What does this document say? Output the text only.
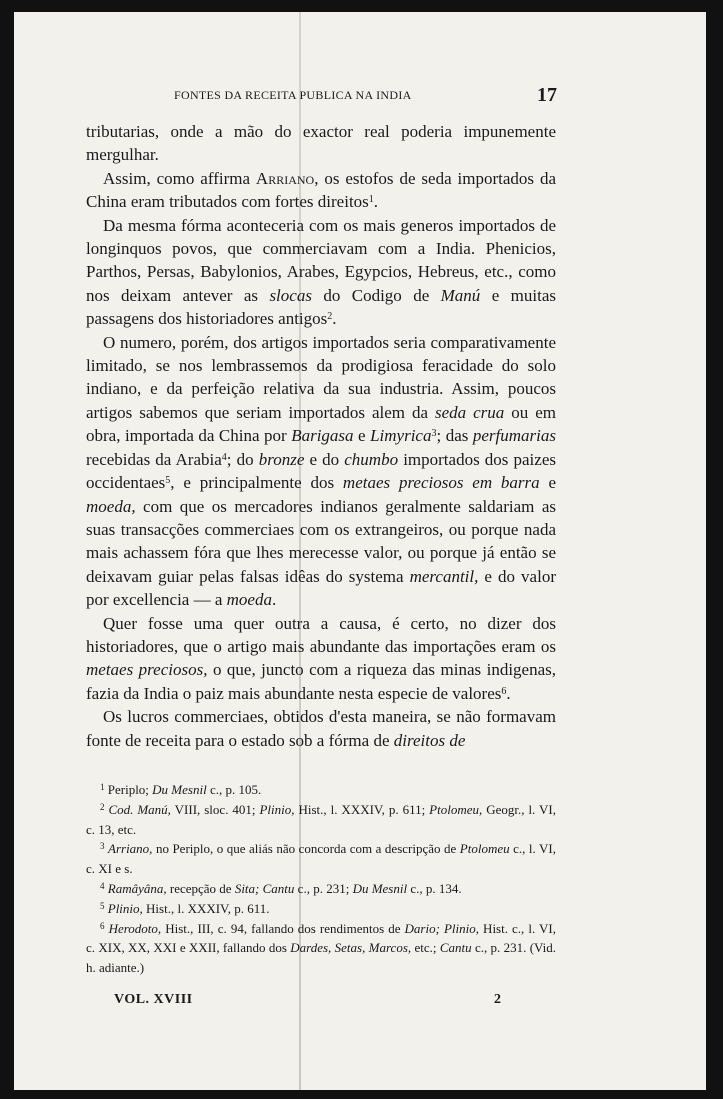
FONTES DA RECEITA PUBLICA NA INDIA	17

tributarias, onde a mão do exactor real poderia impunemente mergulhar.

Assim, como affirma Arriano, os estofos de seda importados da China eram tributados com fortes direitos$^1$.

Da mesma fórma aconteceria com os mais generos importados de longinquos povos, que commerciavam com a India. Phenicios, Parthos, Persas, Babylonios, Arabes, Egypcios, Hebreus, etc., como nos deixam antever as slocas do Codigo de Manú e muitas passagens dos historiadores antigos$^2$.

O numero, porém, dos artigos importados seria comparativamente limitado, se nos lembrassemos da prodigiosa feracidade do solo indiano, e da perfeição relativa da sua industria. Assim, poucos artigos sabemos que seriam importados alem da seda crua ou em obra, importada da China por Barigasa e Limyrica$^3$; das perfumarias recebidas da Arabia$^4$; do bronze e do chumbo importados dos paizes occidentaes$^5$, e principalmente dos metaes preciosos em barra e moeda, com que os mercadores indianos geralmente saldariam as suas transacções commerciaes com os extrangeiros, ou porque nada mais achassem fóra que lhes merecesse valor, ou porque já então se deixavam guiar pelas falsas idêas do systema mercantil, e do valor por excellencia — a moeda.

Quer fosse uma quer outra a causa, é certo, no dizer dos historiadores, que o artigo mais abundante das importações eram os metaes preciosos, o que, juncto com a riqueza das minas indigenas, fazia da India o paiz mais abundante nesta especie de valores$^6$.

Os lucros commerciaes, obtidos d'esta maneira, se não formavam fonte de receita para o estado sob a fórma de direitos de

$^1$ Periplo; Du Mesnil c., p. 105.

$^2$ Cod. Manú, VIII, sloc. 401; Plinio, Hist., l. XXXIV, p. 611; Ptolomeu, Geogr., l. VI, c. 13, etc.

$^3$ Arriano, no Periplo, o que aliás não concorda com a descripção de Ptolomeu c., l. VI, c. XI e s.

$^4$ Ramâyâna, recepção de Sita; Cantu c., p. 231; Du Mesnil c., p. 134.

$^5$ Plinio, Hist., l. XXXIV, p. 611.

$^6$ Herodoto, Hist., III, c. 94, fallando dos rendimentos de Dario; Plinio, Hist. c., l. VI, c. XIX, XX, XXI e XXII, fallando dos Dardes, Setas, Marcos, etc.; Cantu c., p. 231. (Vid. h. adiante.)

VOL. XVIII	2
